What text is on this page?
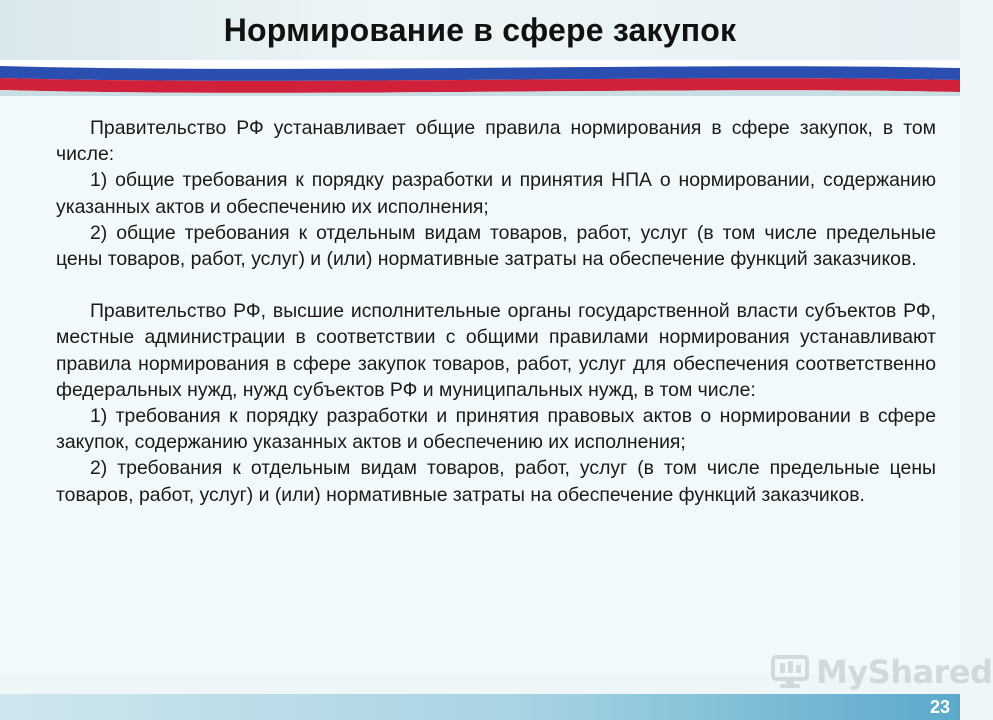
Нормирование в сфере закупок

Правительство РФ устанавливает общие правила нормирования в сфере закупок, в том числе:

1) общие требования к порядку разработки и принятия НПА о нормировании, содержанию указанных актов и обеспечению их исполнения;

2) общие требования к отдельным видам товаров, работ, услуг (в том числе предельные цены товаров, работ, услуг) и (или) нормативные затраты на обеспечение функций заказчиков.

Правительство РФ, высшие исполнительные органы государственной власти субъектов РФ, местные администрации в соответствии с общими правилами нормирования устанавливают правила нормирования в сфере закупок товаров, работ, услуг для обеспечения соответственно федеральных нужд, нужд субъектов РФ и муниципальных нужд, в том числе:

1) требования к порядку разработки и принятия правовых актов о нормировании в сфере закупок, содержанию указанных актов и обеспечению их исполнения;

2) требования к отдельным видам товаров, работ, услуг (в том числе предельные цены товаров, работ, услуг) и (или) нормативные затраты на обеспечение функций заказчиков.

MyShared
23
